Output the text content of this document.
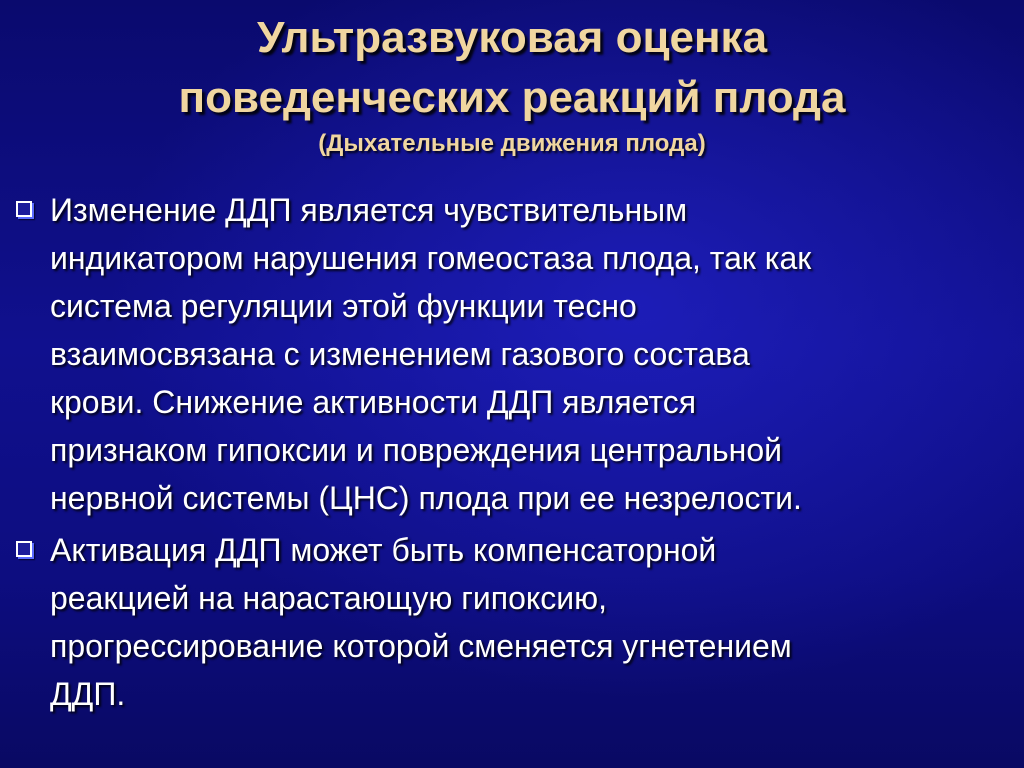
Ультразвуковая оценка
поведенческих реакций плода
(Дыхательные движения плода)
Изменение ДДП является чувствительным
индикатором нарушения гомеостаза плода, так как
система регуляции этой функции тесно
взаимосвязана с изменением газового состава
крови. Снижение активности ДДП является
признаком гипоксии и повреждения центральной
нервной системы (ЦНС) плода при ее незрелости.
Активация ДДП может быть компенсаторной
реакцией на нарастающую гипоксию,
прогрессирование которой сменяется угнетением
ДДП.
